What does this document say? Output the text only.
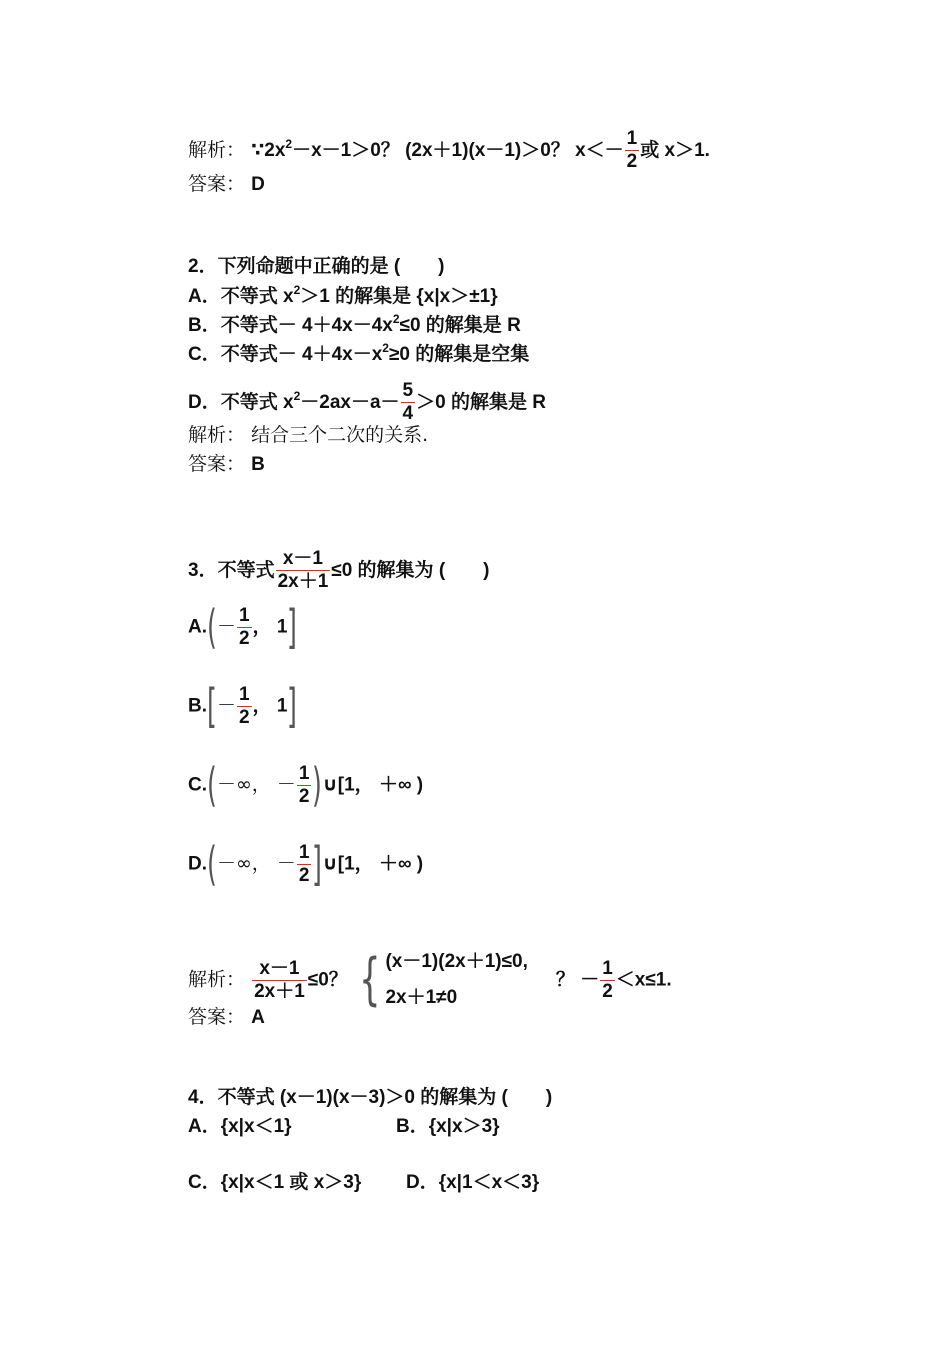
解析： $\because 2x^2-x-1>0$？ (2x＋1)(x－1)＞0？ $x<- \frac{1}{2}$ 或 x＞1.
答案： D
2．下列命题中正确的是 (　　)
A．不等式 $x^2>1$ 的解集是 {x|x＞±1}
B．不等式－ $4+4x-4x^2\le 0$ 的解集是 R
C．不等式－ $4+4x-x^2\ge 0$ 的解集是空集
D．不等式 $x^2-2ax-a- \frac{5}{4} >0$ 的解集是 R
解析： 结合三个二次的关系.
答案： B
3．不等式 $\frac{x-1}{2x+1} \le 0$ 的解集为 (　　)
$A.(- \frac{1}{2}$ ， 1]
$B.[- \frac{1}{2}$ ， 1]
C.(－∞， － $\frac{1}{2}$ )∪[1， ＋∞ )
D.(－∞， － $\frac{1}{2}$ ]∪[1， ＋∞ )
解析： $\frac{x-1}{2x+1} \le 0$？ { (x－1)(2x＋1)≤0,
2x＋1≠0
？ － $\frac{1}{2} <x\le 1$.
答案： A
4．不等式 (x－1)(x－3)＞0 的解集为 (　　)
A．{x|x＜1}	B．{x|x＞3}
C．{x|x＜1 或 x＞3} D．{x|1＜x＜3}
